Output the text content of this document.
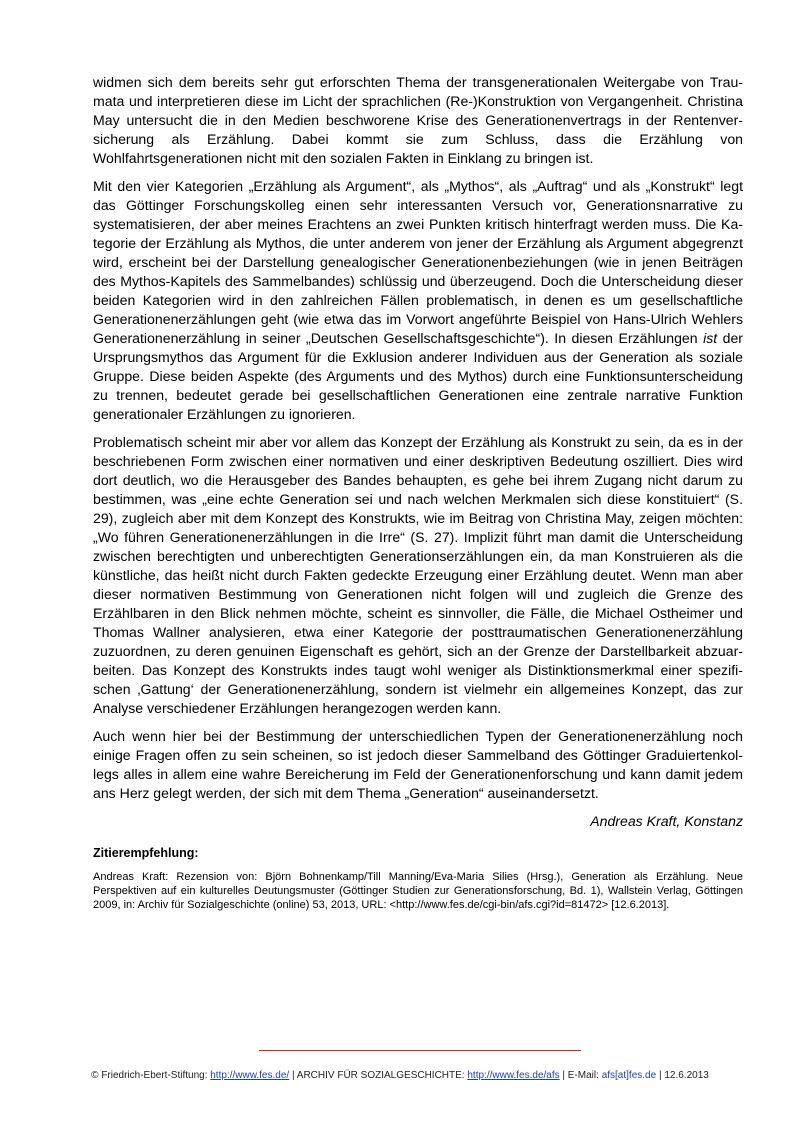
widmen sich dem bereits sehr gut erforschten Thema der transgenerationalen Weitergabe von Traumata und interpretieren diese im Licht der sprachlichen (Re-)Konstruktion von Vergangenheit. Christina May untersucht die in den Medien beschworene Krise des Generationenvertrags in der Rentenversicherung als Erzählung. Dabei kommt sie zum Schluss, dass die Erzählung von Wohlfahrtsgenerationen nicht mit den sozialen Fakten in Einklang zu bringen ist.

Mit den vier Kategorien „Erzählung als Argument“, als „Mythos“, als „Auftrag“ und als „Konstrukt“ legt das Göttinger Forschungskolleg einen sehr interessanten Versuch vor, Generationsnarrative zu systematisieren, der aber meines Erachtens an zwei Punkten kritisch hinterfragt werden muss. Die Kategorie der Erzählung als Mythos, die unter anderem von jener der Erzählung als Argument abgegrenzt wird, erscheint bei der Darstellung genealogischer Generationenbeziehungen (wie in jenen Beiträgen des Mythos-Kapitels des Sammelbandes) schlüssig und überzeugend. Doch die Unterscheidung dieser beiden Kategorien wird in den zahlreichen Fällen problematisch, in denen es um gesellschaftliche Generationenerzählungen geht (wie etwa das im Vorwort angeführte Beispiel von Hans-Ulrich Wehlers Generationenerzählung in seiner „Deutschen Gesellschaftsgeschichte“). In diesen Erzählungen ist der Ursprungsmythos das Argument für die Exklusion anderer Individuen aus der Generation als soziale Gruppe. Diese beiden Aspekte (des Arguments und des Mythos) durch eine Funktionsunterscheidung zu trennen, bedeutet gerade bei gesellschaftlichen Generationen eine zentrale narrative Funktion generationaler Erzählungen zu ignorieren.

Problematisch scheint mir aber vor allem das Konzept der Erzählung als Konstrukt zu sein, da es in der beschriebenen Form zwischen einer normativen und einer deskriptiven Bedeutung oszilliert. Dies wird dort deutlich, wo die Herausgeber des Bandes behaupten, es gehe bei ihrem Zugang nicht darum zu bestimmen, was „eine echte Generation sei und nach welchen Merkmalen sich diese konstituiert“ (S. 29), zugleich aber mit dem Konzept des Konstrukts, wie im Beitrag von Christina May, zeigen möchten: „Wo führen Generationenerzählungen in die Irre“ (S. 27). Implizit führt man damit die Unterscheidung zwischen berechtigten und unberechtigten Generationserzählungen ein, da man Konstruieren als die künstliche, das heißt nicht durch Fakten gedeckte Erzeugung einer Erzählung deutet. Wenn man aber dieser normativen Bestimmung von Generationen nicht folgen will und zugleich die Grenze des Erzählbaren in den Blick nehmen möchte, scheint es sinnvoller, die Fälle, die Michael Ostheimer und Thomas Wallner analysieren, etwa einer Kategorie der posttraumatischen Generationenerzählung zuzuordnen, zu deren genuinen Eigenschaft es gehört, sich an der Grenze der Darstellbarkeit abzuarbeiten. Das Konzept des Konstrukts indes taugt wohl weniger als Distinktionsmerkmal einer spezifischen ‚Gattung‘ der Generationenerzählung, sondern ist vielmehr ein allgemeines Konzept, das zur Analyse verschiedener Erzählungen herangezogen werden kann.

Auch wenn hier bei der Bestimmung der unterschiedlichen Typen der Generationenerzählung noch einige Fragen offen zu sein scheinen, so ist jedoch dieser Sammelband des Göttinger Graduiertenkollegs alles in allem eine wahre Bereicherung im Feld der Generationenforschung und kann damit jedem ans Herz gelegt werden, der sich mit dem Thema „Generation“ auseinandersetzt.

Andreas Kraft, Konstanz
Zitierempfehlung:

Andreas Kraft: Rezension von: Björn Bohnenkamp/Till Manning/Eva-Maria Silies (Hrsg.), Generation als Erzählung. Neue Perspektiven auf ein kulturelles Deutungsmuster (Göttinger Studien zur Generationsforschung, Bd. 1), Wallstein Verlag, Göttingen 2009, in: Archiv für Sozialgeschichte (online) 53, 2013, URL: <http://www.fes.de/cgi-bin/afs.cgi?id=81472> [12.6.2013].

© Friedrich-Ebert-Stiftung: http://www.fes.de/ | ARCHIV FÜR SOZIALGESCHICHTE: http://www.fes.de/afs | E-Mail: afs[at]fes.de | 12.6.2013
